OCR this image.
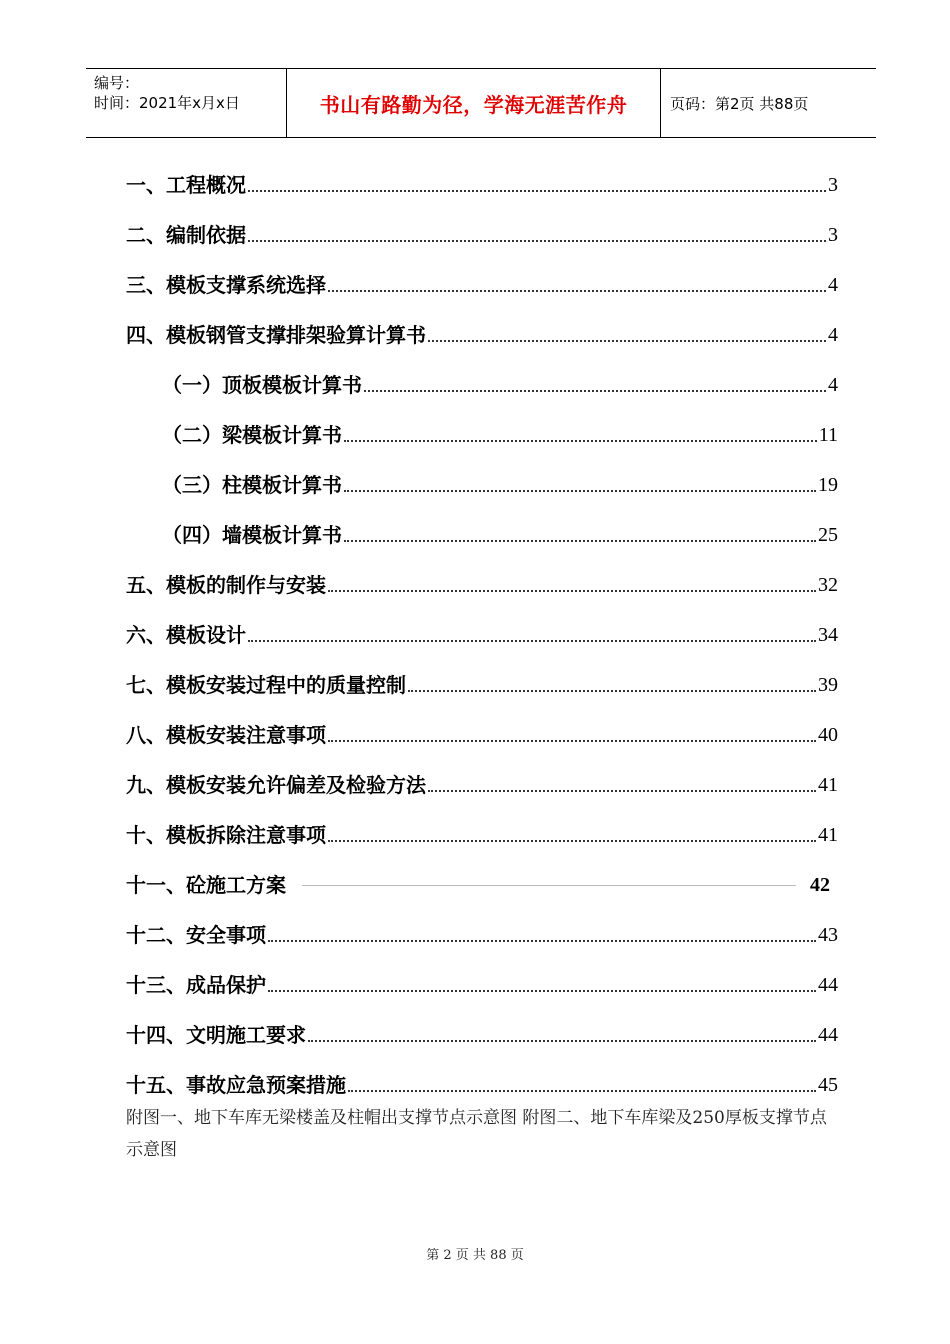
编号：
时间：2021年x月x日	书山有路勤为径，学海无涯苦作舟	页码：第2页 共88页
一、工程概况	3
二、编制依据	3
三、模板支撑系统选择	4
四、模板钢管支撑排架验算计算书	4
（一）顶板模板计算书	4
（二）梁模板计算书	11
（三）柱模板计算书	19
（四）墙模板计算书	25
五、模板的制作与安装	32
六、模板设计	34
七、模板安装过程中的质量控制	39
八、模板安装注意事项	40
九、模板安装允许偏差及检验方法	41
十、模板拆除注意事项	41
十一、砼施工方案	42
十二、安全事项	43
十三、成品保护	44
十四、文明施工要求	44
十五、事故应急预案措施	45
附图一、地下车库无梁楼盖及柱帽出支撑节点示意图 附图二、地下车库梁及250厚板支撑节点示意图
第 2 页 共 88 页
